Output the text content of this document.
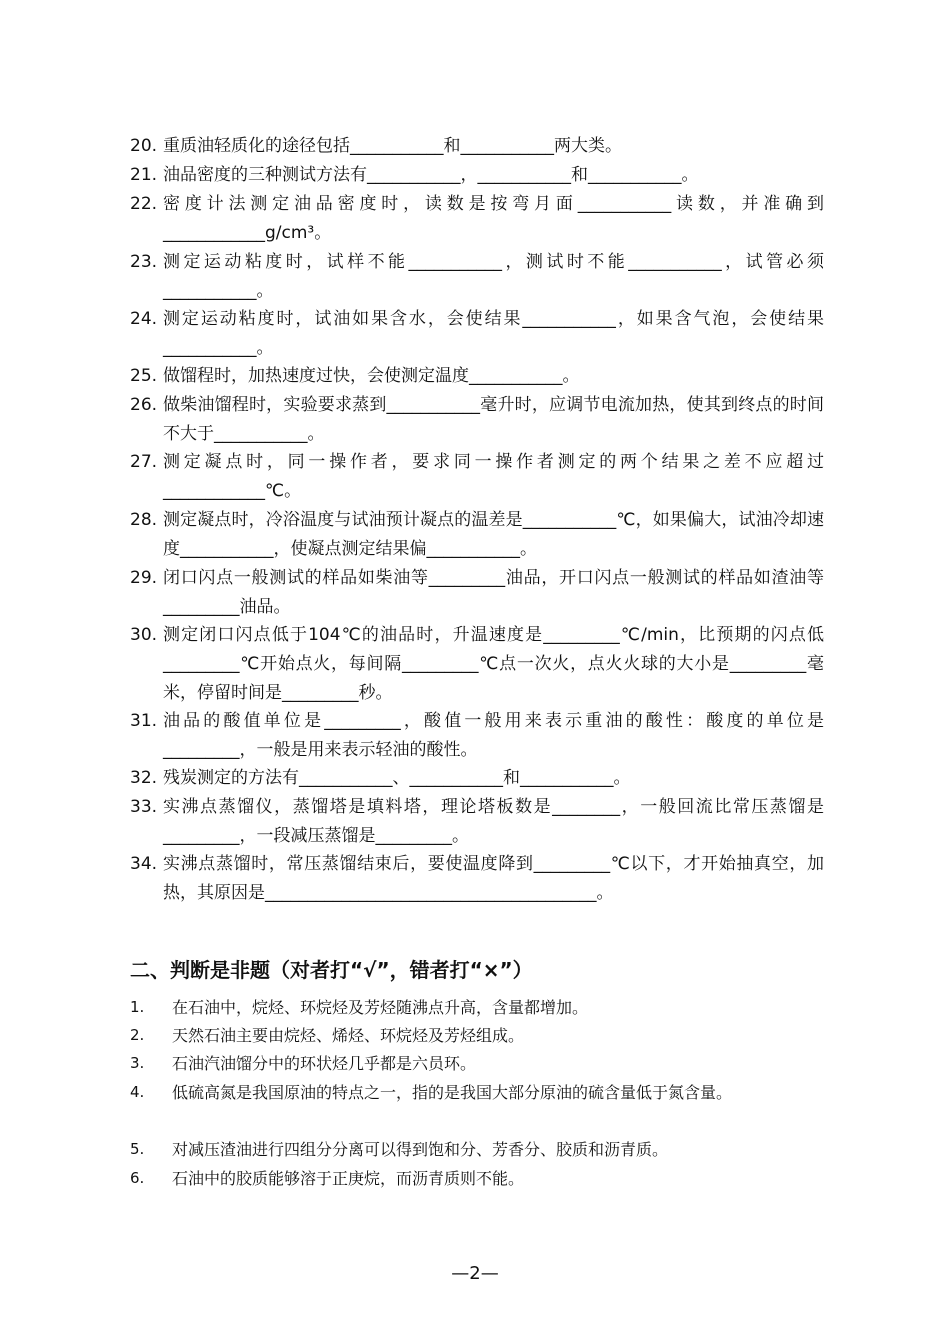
20. 重质油轻质化的途径包括___________和___________两大类。
21. 油品密度的三种测试方法有___________，___________和___________。
22. 密度计法测定油品密度时，读数是按弯月面___________读数，并准确到____________g/cm³。
23. 测定运动粘度时，试样不能___________，测试时不能___________，试管必须___________。
24. 测定运动粘度时，试油如果含水，会使结果___________，如果含气泡，会使结果___________。
25. 做馏程时，加热速度过快，会使测定温度___________。
26. 做柴油馏程时，实验要求蒸到___________毫升时，应调节电流加热，使其到终点的时间不大于___________。
27. 测定凝点时，同一操作者，要求同一操作者测定的两个结果之差不应超过____________℃。
28. 测定凝点时，冷浴温度与试油预计凝点的温差是___________℃，如果偏大，试油冷却速度___________，使凝点测定结果偏___________。
29. 闭口闪点一般测试的样品如柴油等_________油品，开口闪点一般测试的样品如渣油等_________油品。
30. 测定闭口闪点低于104℃的油品时，升温速度是_________℃/min，比预期的闪点低_________℃开始点火，每间隔_________℃点一次火，点火火球的大小是_________毫米，停留时间是_________秒。
31. 油品的酸值单位是_________，酸值一般用来表示重油的酸性：酸度的单位是_________，一般是用来表示轻油的酸性。
32. 残炭测定的方法有___________、___________和___________。
33. 实沸点蒸馏仪，蒸馏塔是填料塔，理论塔板数是________，一般回流比常压蒸馏是_________，一段减压蒸馏是_________。
34. 实沸点蒸馏时，常压蒸馏结束后，要使温度降到_________℃以下，才开始抽真空，加热，其原因是_______________________________________。
二、判断是非题（对者打“√”，错者打“×”）
1.	在石油中，烷烃、环烷烃及芳烃随沸点升高，含量都增加。
2.	天然石油主要由烷烃、烯烃、环烷烃及芳烃组成。
3.	石油汽油馏分中的环状烃几乎都是六员环。
4.	低硫高氮是我国原油的特点之一，指的是我国大部分原油的硫含量低于氮含量。
5.	对减压渣油进行四组分分离可以得到饱和分、芳香分、胶质和沥青质。
6.	石油中的胶质能够溶于正庚烷，而沥青质则不能。
—2—
